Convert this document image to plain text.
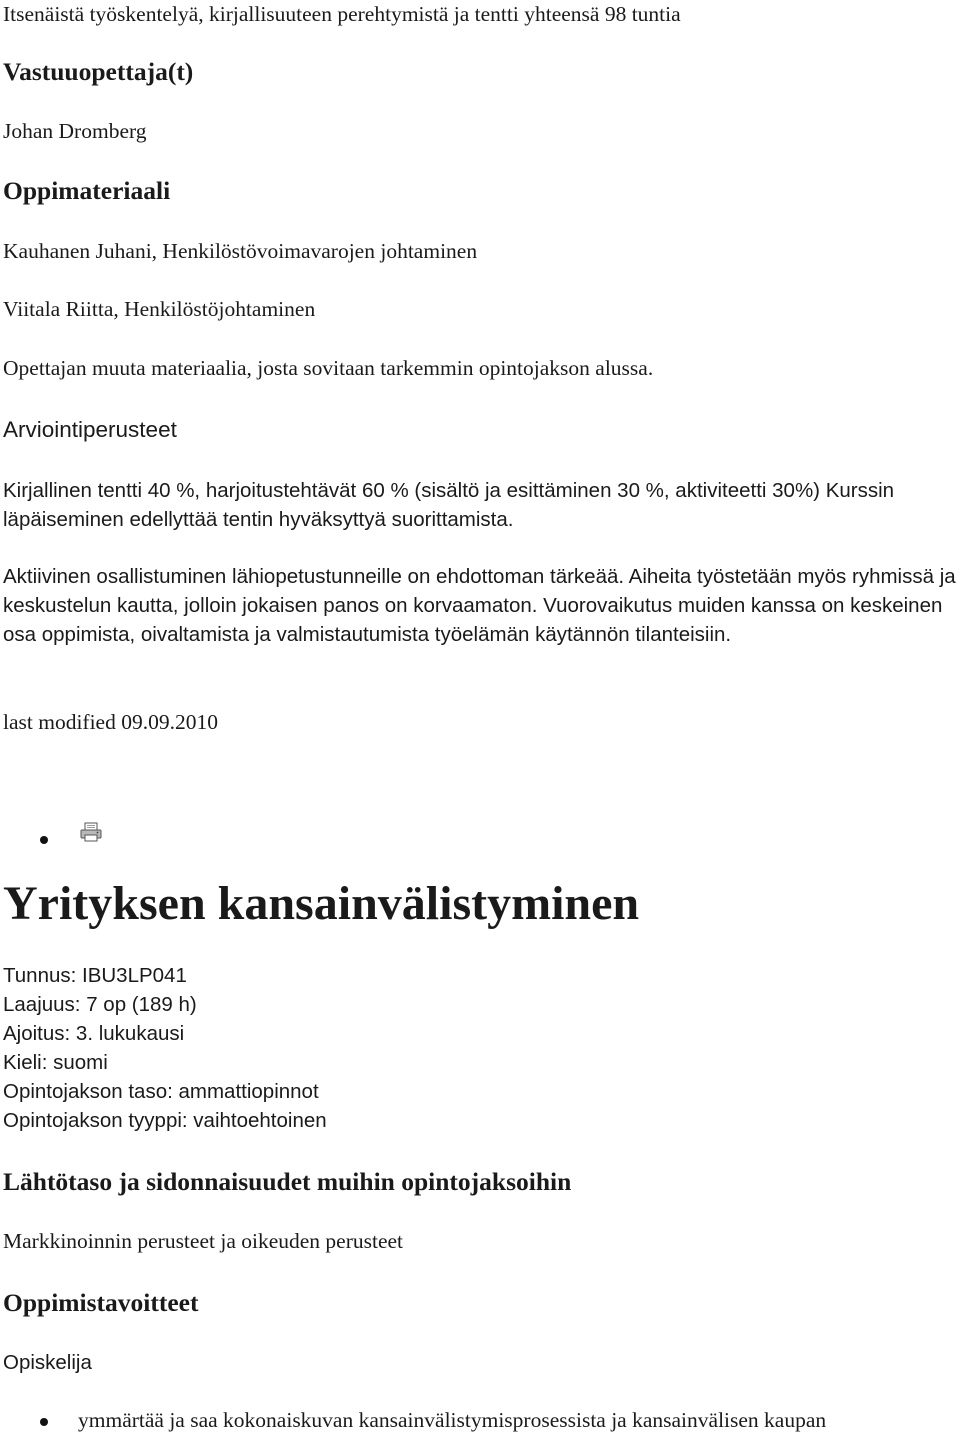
Itsenäistä työskentelyä, kirjallisuuteen perehtymistä ja tentti yhteensä 98 tuntia

Vastuuopettaja(t)

Johan Dromberg

Oppimateriaali

Kauhanen Juhani, Henkilöstövoimavarojen johtaminen

Viitala Riitta, Henkilöstöjohtaminen

Opettajan muuta materiaalia, josta sovitaan tarkemmin opintojakson alussa.

Arviointiperusteet

Kirjallinen tentti 40 %, harjoitustehtävät 60 % (sisältö ja esittäminen 30 %, aktiviteetti 30%) Kurssin läpäiseminen edellyttää tentin hyväksyttyä suorittamista.

Aktiivinen osallistuminen lähiopetustunneille on ehdottoman tärkeää. Aiheita työstetään myös ryhmissä ja keskustelun kautta, jolloin jokaisen panos on korvaamaton. Vuorovaikutus muiden kanssa on keskeinen osa oppimista, oivaltamista ja valmistautumista työelämän käytännön tilanteisiin.

last modified 09.09.2010

Yrityksen kansainvälistyminen
Tunnus: IBU3LP041
Laajuus: 7 op (189 h)
Ajoitus: 3. lukukausi
Kieli: suomi
Opintojakson taso: ammattiopinnot
Opintojakson tyyppi: vaihtoehtoinen
Lähtötaso ja sidonnaisuudet muihin opintojaksoihin

Markkinoinnin perusteet ja oikeuden perusteet

Oppimistavoitteet

Opiskelija

ymmärtää ja saa kokonaiskuvan kansainvälistymisprosessista ja kansainvälisen kaupan
